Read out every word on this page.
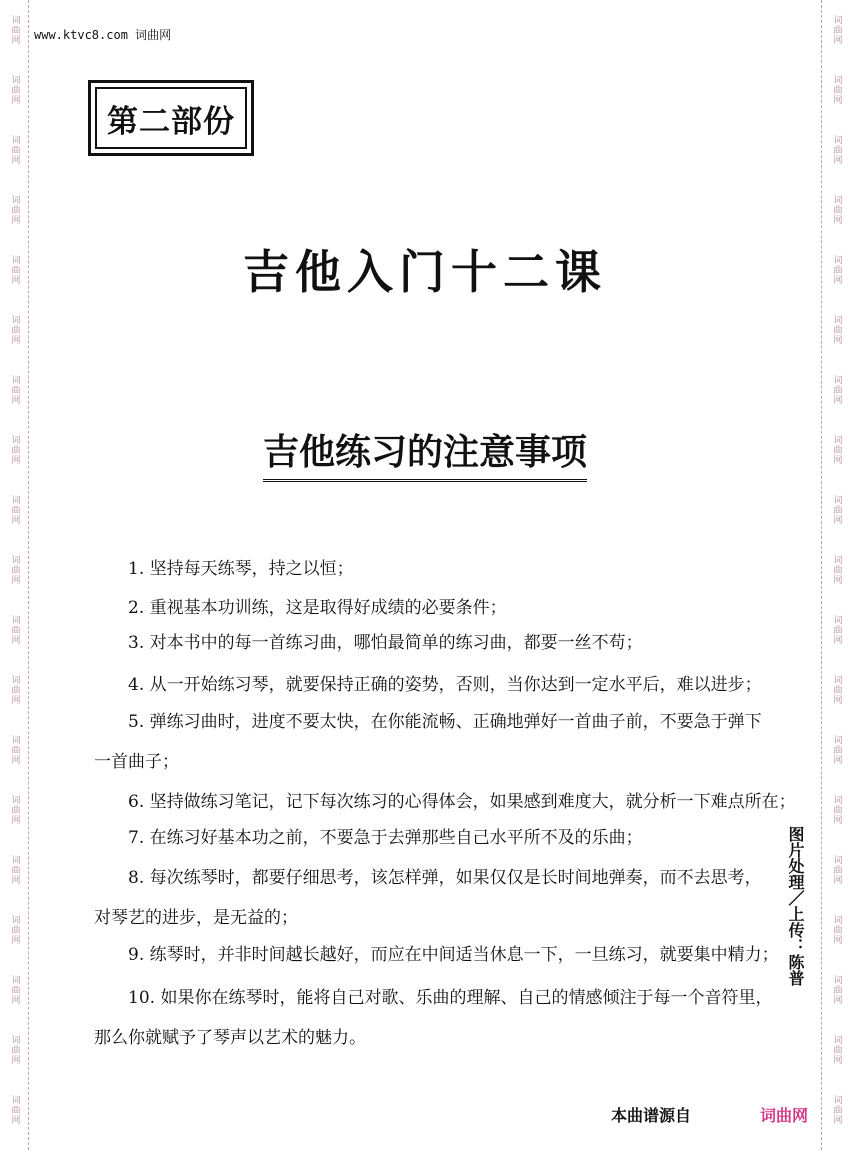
词曲网
词曲网
词曲网
词曲网
词曲网
词曲网
词曲网
词曲网
词曲网
词曲网
词曲网
词曲网
词曲网
词曲网
词曲网
词曲网
词曲网
词曲网
词曲网
词曲网
词曲网
词曲网
词曲网
词曲网
词曲网
词曲网
词曲网
词曲网
词曲网
词曲网
词曲网
词曲网
词曲网
词曲网
词曲网
词曲网
词曲网
词曲网
www.ktvc8.com 词曲网
第二部份
吉他入门十二课
吉他练习的注意事项
1. 坚持每天练琴，持之以恒；
2. 重视基本功训练，这是取得好成绩的必要条件；
3. 对本书中的每一首练习曲，哪怕最简单的练习曲，都要一丝不苟；
4. 从一开始练习琴，就要保持正确的姿势，否则，当你达到一定水平后，难以进步；
5. 弹练习曲时，进度不要太快，在你能流畅、正确地弹好一首曲子前，不要急于弹下
一首曲子；
6. 坚持做练习笔记，记下每次练习的心得体会，如果感到难度大，就分析一下难点所在；
7. 在练习好基本功之前，不要急于去弹那些自己水平所不及的乐曲；
8. 每次练琴时，都要仔细思考，该怎样弹，如果仅仅是长时间地弹奏，而不去思考，
对琴艺的进步，是无益的；
9. 练琴时，并非时间越长越好，而应在中间适当休息一下，一旦练习，就要集中精力；
10. 如果你在练琴时，能将自己对歌、乐曲的理解、自己的情感倾注于每一个音符里，
那么你就赋予了琴声以艺术的魅力。
图片处理／上传：陈普
本曲谱源自	词曲网
